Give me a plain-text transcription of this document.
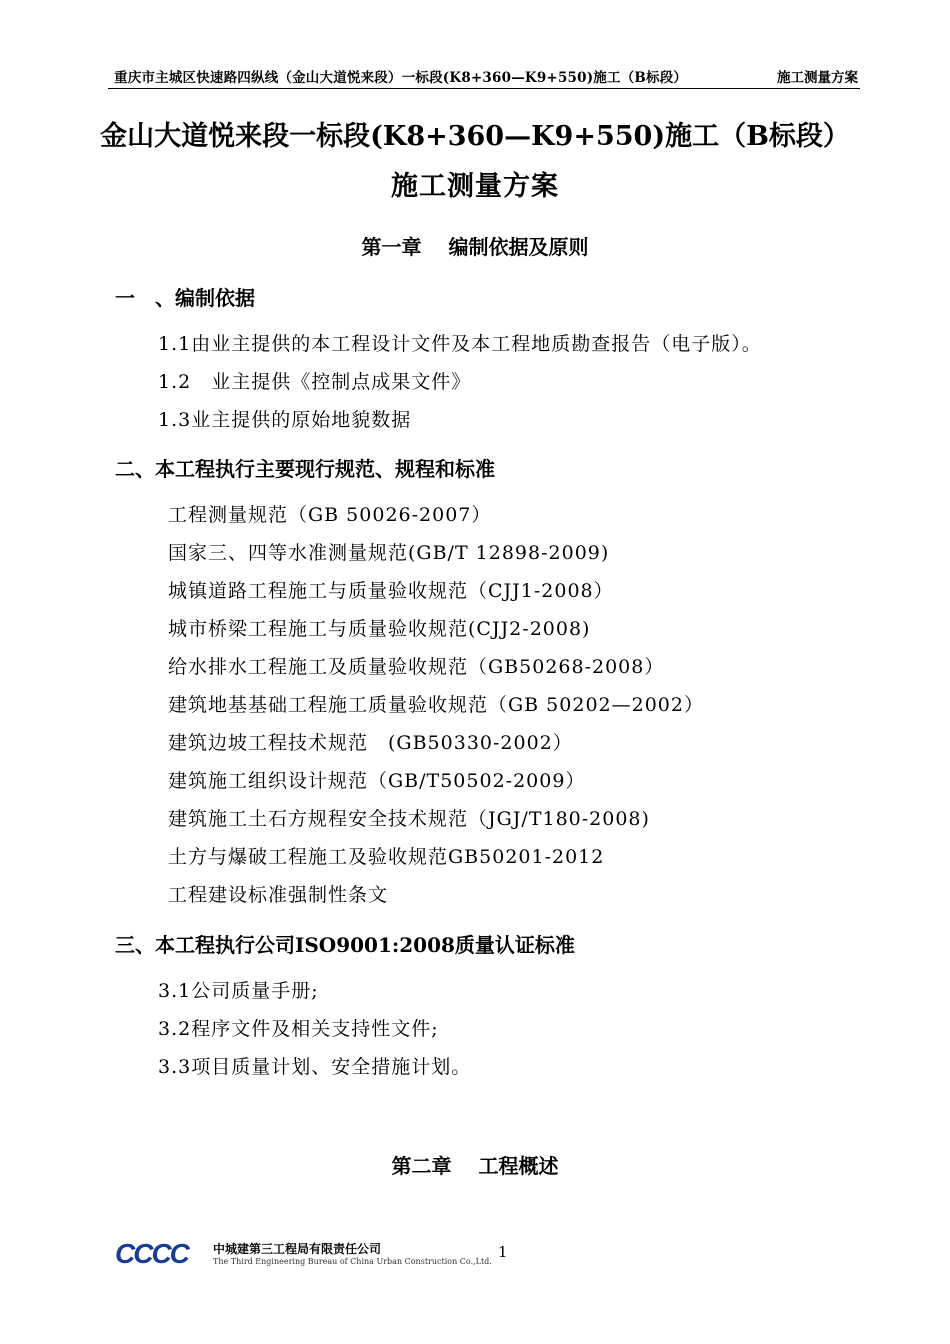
重庆市主城区快速路四纵线（金山大道悦来段）一标段(K8+360—K9+550)施工（B标段）	施工测量方案
金山大道悦来段一标段(K8+360—K9+550)施工（B标段）
施工测量方案
第一章　 编制依据及原则
一　、编制依据
1.1由业主提供的本工程设计文件及本工程地质勘查报告（电子版）。
1.2　业主提供《控制点成果文件》
1.3业主提供的原始地貌数据
二、本工程执行主要现行规范、规程和标准
工程测量规范（GB 50026-2007）
国家三、四等水准测量规范(GB/T 12898-2009)
城镇道路工程施工与质量验收规范（CJJ1-2008）
城市桥梁工程施工与质量验收规范(CJJ2-2008)
给水排水工程施工及质量验收规范（GB50268-2008）
建筑地基基础工程施工质量验收规范（GB 50202—2002）
建筑边坡工程技术规范　(GB50330-2002）
建筑施工组织设计规范（GB/T50502-2009）
建筑施工土石方规程安全技术规范（JGJ/T180-2008)
土方与爆破工程施工及验收规范GB50201-2012
工程建设标准强制性条文
三、本工程执行公司ISO9001:2008质量认证标准
3.1公司质量手册;
3.2程序文件及相关支持性文件;
3.3项目质量计划、安全措施计划。
第二章　 工程概述
CCCC 中城建第三工程局有限责任公司
The Third Engineering Bureau of China Urban Construction Co.,Ltd.
1
